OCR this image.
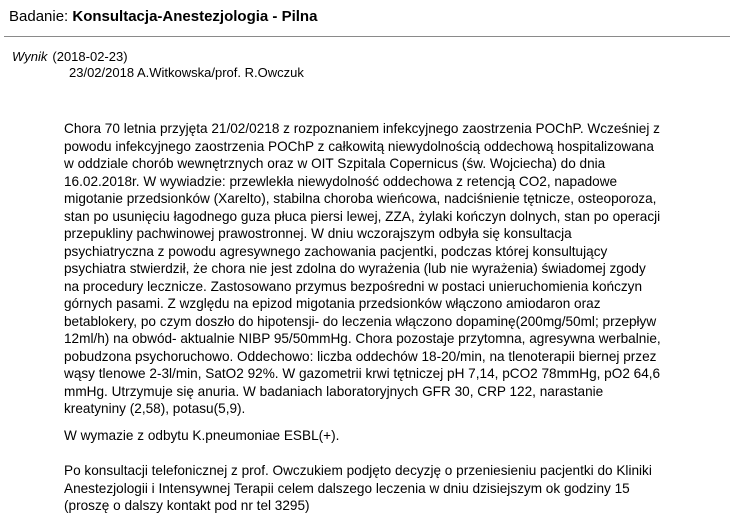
Badanie: Konsultacja-Anestezjologia - Pilna
Wynik (2018-02-23)
23/02/2018 A.Witkowska/prof. R.Owczuk

Chora 70 letnia przyjęta 21/02/0218 z rozpoznaniem infekcyjnego zaostrzenia POChP. Wcześniej z
powodu infekcyjnego zaostrzenia POChP z całkowitą niewydolnością oddechową hospitalizowana
w oddziale chorób wewnętrznych oraz w OIT Szpitala Copernicus (św. Wojciecha) do dnia
16.02.2018r. W wywiadzie: przewlekła niewydolność oddechowa z retencją CO2, napadowe
migotanie przedsionków (Xarelto), stabilna choroba wieńcowa, nadciśnienie tętnicze, osteoporoza,
stan po usunięciu łagodnego guza płuca piersi lewej, ZZA, żylaki kończyn dolnych, stan po operacji
przepukliny pachwinowej prawostronnej. W dniu wczorajszym odbyła się konsultacja
psychiatryczna z powodu agresywnego zachowania pacjentki, podczas której konsultujący
psychiatra stwierdził, że chora nie jest zdolna do wyrażenia (lub nie wyrażenia) świadomej zgody
na procedury lecznicze. Zastosowano przymus bezpośredni w postaci unieruchomienia kończyn
górnych pasami. Z względu na epizod migotania przedsionków włączono amiodaron oraz
betablokery, po czym doszło do hipotensji- do leczenia włączono dopaminę(200mg/50ml; przepływ
12ml/h) na obwód- aktualnie NIBP 95/50mmHg. Chora pozostaje przytomna, agresywna werbalnie,
pobudzona psychoruchowo. Oddechowo: liczba oddechów 18-20/min, na tlenoterapii biernej przez
wąsy tlenowe 2-3l/min, SatO2 92%. W gazometrii krwi tętniczej pH 7,14, pCO2 78mmHg, pO2 64,6
mmHg. Utrzymuje się anuria. W badaniach laboratoryjnych GFR 30, CRP 122, narastanie
kreatyniny (2,58), potasu(5,9).

W wymazie z odbytu K.pneumoniae ESBL(+).

Po konsultacji telefonicznej z prof. Owczukiem podjęto decyzję o przeniesieniu pacjentki do Kliniki
Anestezjologii i Intensywnej Terapii celem dalszego leczenia w dniu dzisiejszym ok godziny 15
(proszę o dalszy kontakt pod nr tel 3295)
